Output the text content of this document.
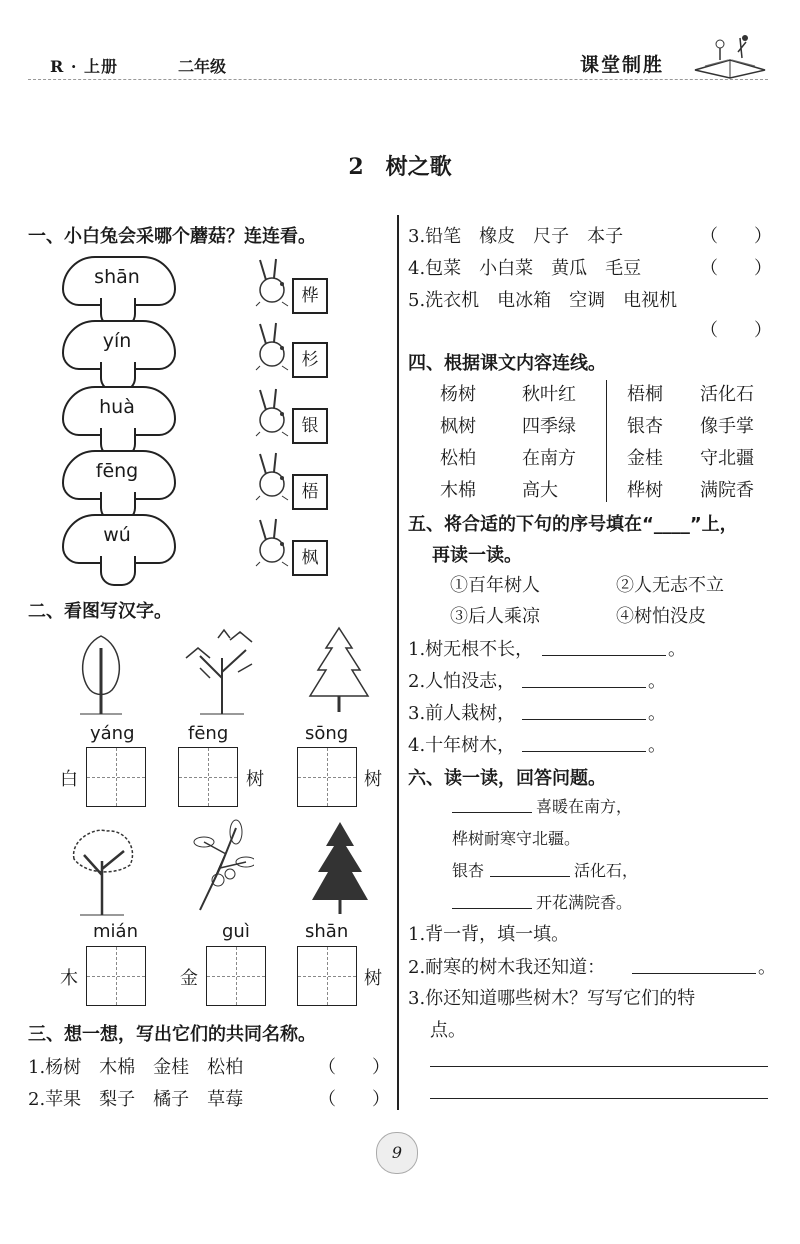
R · 上册	二年级	课堂制胜
2　树之歌
一、小白兔会采哪个蘑菇？连连看。
shān
yín
huà
fēng
wú
桦
杉
银
梧
枫
二、看图写汉字。
yáng
白
fēng
树
sōng
树
mián
木
guì
金
shān
树
三、想一想，写出它们的共同名称。
1.杨树　木棉　金桂　松柏	（　　）
2.苹果　梨子　橘子　草莓	（　　）
3.铅笔　橡皮　尺子　本子	（　　）
4.包菜　小白菜　黄瓜　毛豆	（　　）
5.洗衣机　电冰箱　空调　电视机
（　　）
四、根据课文内容连线。
杨树	秋叶红
枫树	四季绿
松柏	在南方
木棉	高大
梧桐 活化石
银杏 像手掌
金桂 守北疆
桦树 满院香
五、将合适的下句的序号填在“____”上，
再读一读。
①百年树人	②人无志不立
③后人乘凉	④树怕没皮
1.树无根不长，	。
2.人怕没志，	。
3.前人栽树，	。
4.十年树木，	。
六、读一读，回答问题。
喜暖在南方，
桦树耐寒守北疆。
银杏	活化石，
开花满院香。
1.背一背，填一填。
2.耐寒的树木我还知道：	。
3.你还知道哪些树木？写写它们的特
点。
9
